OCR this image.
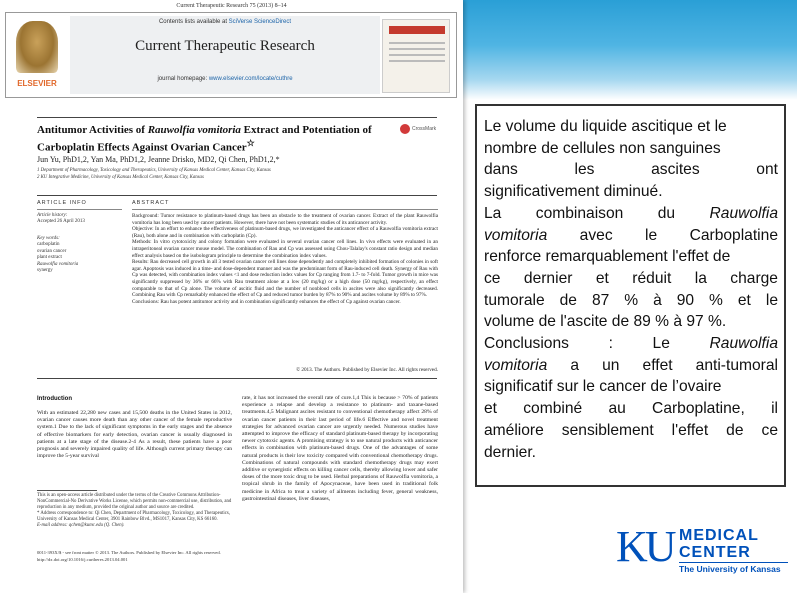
Current Therapeutic Research 75 (2013) 8–14
ELSEVIER
Contents lists available at SciVerse ScienceDirect
Current Therapeutic Research
journal homepage: www.elsevier.com/locate/cuthre
Antitumor Activities of Rauwolfia vomitoria Extract and Potentiation of Carboplatin Effects Against Ovarian Cancer☆
CrossMark
Jun Yu, PhD1,2, Yan Ma, PhD1,2, Jeanne Drisko, MD2, Qi Chen, PhD1,2,*
1 Department of Pharmacology, Toxicology and Therapeutics, University of Kansas Medical Center, Kansas City, Kansas
2 KU Integrative Medicine, University of Kansas Medical Center, Kansas City, Kansas
ARTICLE INFO	ABSTRACT
Article history:
Accepted 26 April 2013
Key words:
carboplatin
ovarian cancer
plant extract
Rauwolfia vomitoria
synergy

Background: Tumor resistance to platinum-based drugs has been an obstacle to the treatment of ovarian cancer. Extract of the plant Rauwolfia vomitoria has long been used by cancer patients. However, there have not been systematic studies of its anticancer activity.

Objective: In an effort to enhance the effectiveness of platinum-based drugs, we investigated the anticancer effect of a Rauwolfia vomitoria extract (Rau), both alone and in combination with carboplatin (Cp).

Methods: In vitro cytotoxicity and colony formation were evaluated in several ovarian cancer cell lines. In vivo effects were evaluated in an intraperitoneal ovarian cancer mouse model. The combination of Rau and Cp was assessed using Chou-Talalay's constant ratio design and median effect analysis based on the isobologram principle to determine the combination index values.

Results: Rau decreased cell growth in all 3 tested ovarian cancer cell lines dose dependently and completely inhibited formation of colonies in soft agar. Apoptosis was induced in a time- and dose-dependent manner and was the predominant form of Rau-induced cell death. Synergy of Rau with Cp was detected, with combination index values <1 and dose reduction index values for Cp ranging from 1.7- to 7-fold. Tumor growth in mice was significantly suppressed by 36% or 66% with Rau treatment alone at a low (20 mg/kg) or a high dose (50 mg/kg), respectively, an effect comparable to that of Cp alone. The volume of ascitic fluid and the number of nonblood cells in ascites were also significantly decreased. Combining Rau with Cp remarkably enhanced the effect of Cp and reduced tumor burden by 87% to 90% and ascites volume by 89% to 97%.

Conclusions: Rau has potent antitumor activity and in combination significantly enhances the effect of Cp against ovarian cancer.

© 2013. The Authors. Published by Elsevier Inc. All rights reserved.
Introduction
With an estimated 22,280 new cases and 15,500 deaths in the United States in 2012, ovarian cancer causes more death than any other cancer of the female reproductive system.1 Due to the lack of significant symptoms in the early stages and the absence of effective biomarkers for early detection, ovarian cancer is usually diagnosed in patients at a late stage of the disease.2-4 As a result, these patients have a poor prognosis and severely impaired quality of life. Although current primary therapy can improve the 5-year survival
rate, it has not increased the overall rate of cure.1,4 This is because > 70% of patients experience a relapse and develop a resistance to platinum- and taxane-based treatments.4,5 Malignant ascites resistant to conventional chemotherapy affect 28% of ovarian cancer patients in their last period of life.6 Effective and novel treatment strategies for advanced ovarian cancer are urgently needed. Numerous studies have attempted to improve the efficacy of standard platinum-based therapy by incorporating newer cytotoxic agents. A promising strategy is to use natural products with anticancer effects in combination with platinum-based drugs. One of the advantages of some natural products is their low toxicity compared with conventional chemotherapy drugs. Combinations of natural compounds with standard chemotherapy drugs may exert additive or synergistic effects on killing cancer cells, thereby allowing lower and safer doses of the more toxic drug to be used. Herbal preparations of Rauwolfia vomitoria, a tropical shrub in the family of Apocynaceae, have been used in traditional folk medicine in Africa to treat a variety of ailments including fever, general weakness, gastrointestinal diseases, liver diseases,
This is an open-access article distributed under the terms of the Creative Commons Attribution-NonCommercial-No Derivative Works License, which permits non-commercial use, distribution, and reproduction in any medium, provided the original author and source are credited.
* Address correspondence to: Qi Chen, Department of Pharmacology, Toxicology, and Therapeutics, University of Kansas Medical Center, 3901 Rainbow Blvd., MS1017, Kansas City, KS 66160.
E-mail address: qchen@kumc.edu (Q. Chen).
0011-393X/$ - see front matter © 2013. The Authors. Published by Elsevier Inc. All rights reserved.
http://dx.doi.org/10.1016/j.curtheres.2013.04.001
Le volume du liquide ascitique et le
nombre de cellules non sanguines
dans les ascites ont
significativement diminué.
La combinaison du Rauwolfia
vomitoria avec le Carboplatine
renforce remarquablement l'effet de
ce dernier et réduit la charge
tumorale de 87 % à 90 % et le
volume de l'ascite de 89 % à 97 %.
Conclusions : Le Rauwolfia
vomitoria a un effet anti-tumoral
significatif sur le cancer de l’ovaire
et combiné au Carboplatine, il
améliore sensiblement l'effet de ce
dernier.
KU MEDICAL
CENTER
The University of Kansas
